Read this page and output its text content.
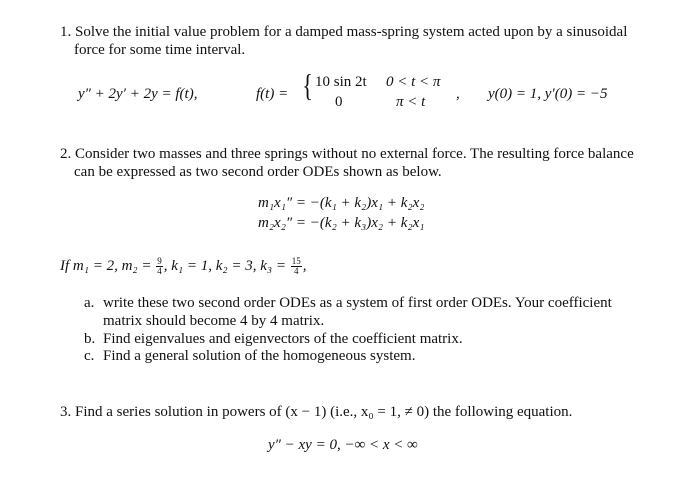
1. Solve the initial value problem for a damped mass-spring system acted upon by a sinusoidal
force for some time interval.
y″ + 2y′ + 2y = f(t),	f(t) = { 10 sin 2t
0
0 < t < π
π < t , y(0) = 1, y′(0) = −5
2. Consider two masses and three springs without no external force. The resulting force balance
can be expressed as two second order ODEs shown as below.
m₁x₁″ = −(k₁ + k₂)x₁ + k₂x₂
m₂x₂″ = −(k₂ + k₃)x₂ + k₂x₁
If m₁ = 2, $m_2 = \frac{9}{4}$ , k₁ = 1, k₂ = 3, $k_3 = \frac{15}{4}$ ,
a. write these two second order ODEs as a system of first order ODEs. Your coefficient
matrix should become 4 by 4 matrix.
b. Find eigenvalues and eigenvectors of the coefficient matrix.
c. Find a general solution of the homogeneous system.
3. Find a series solution in powers of (x − 1) (i.e., x₀ = 1, ≠ 0) the following equation.
y″ − xy = 0, −∞ < x < ∞
